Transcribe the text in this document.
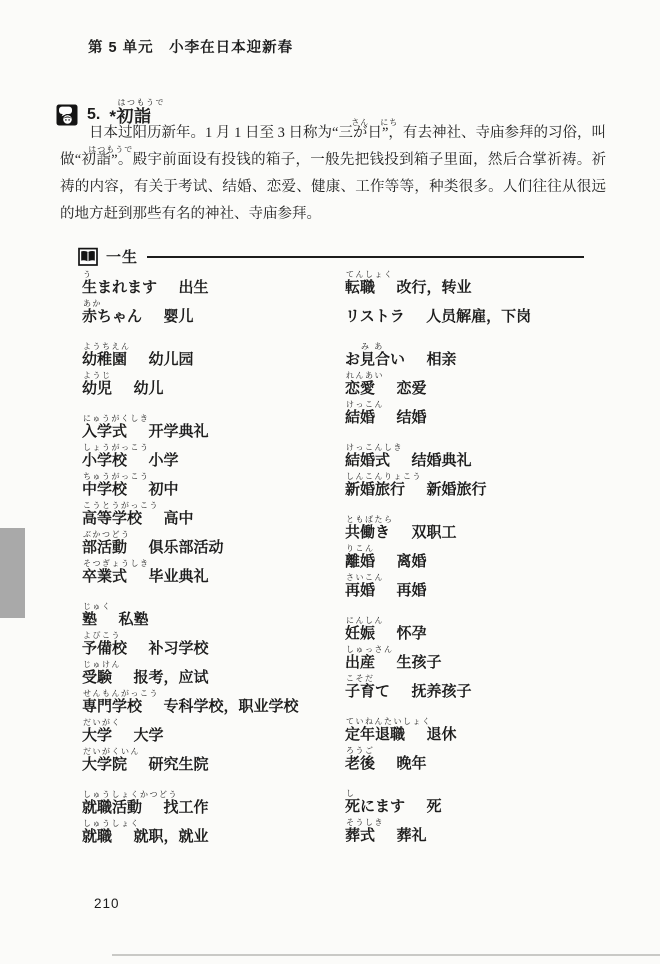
第 5 单元　小李在日本迎新春
5. *
はつもうで
初詣

日本过阳历新年。1 月 1 日至 3 日称为“
さん
三が
にち
日”，有去神社、寺庙参拜的习俗，叫做“
はつもうで
初詣”。殿宇前面设有投钱的箱子，一般先把钱投到箱子里面，然后合掌祈祷。祈祷的内容，有关于考试、结婚、恋爱、健康、工作等等，种类很多。人们往往从很远的地方赶到那些有名的神社、寺庙参拜。

一生
う
生まれます 出生
あか
赤ちゃん 婴儿
ようちえん
幼稚園 幼儿园
ようじ
幼児 幼儿
にゅうがくしき
入学式 开学典礼
しょうがっこう
小学校 小学
ちゅうがっこう
中学校 初中
こうとうがっこう
高等学校 高中
ぶかつどう
部活動 俱乐部活动
そつぎょうしき
卒業式 毕业典礼
じゅく
塾 私塾
よびこう
予備校 补习学校
じゅけん
受験 报考，应试
せんもんがっこう
専門学校 专科学校，职业学校
だいがく
大学 大学
だいがくいん
大学院 研究生院
しゅうしょくかつどう
就職活動 找工作
しゅうしょく
就職 就职，就业
てんしょく
転職 改行，转业
リストラ 人员解雇，下岗
お
み あ
見合い 相亲
れんあい
恋愛 恋爱
けっこん
結婚 结婚
けっこんしき
結婚式 结婚典礼
しんこんりょこう
新婚旅行 新婚旅行
ともばたら
共働き 双职工
りこん
離婚 离婚
さいこん
再婚 再婚
にんしん
妊娠 怀孕
しゅっさん
出産 生孩子
こそだ
子育て 抚养孩子
ていねんたいしょく
定年退職 退休
ろうご
老後 晚年
し
死にます 死
そうしき
葬式 葬礼
210
